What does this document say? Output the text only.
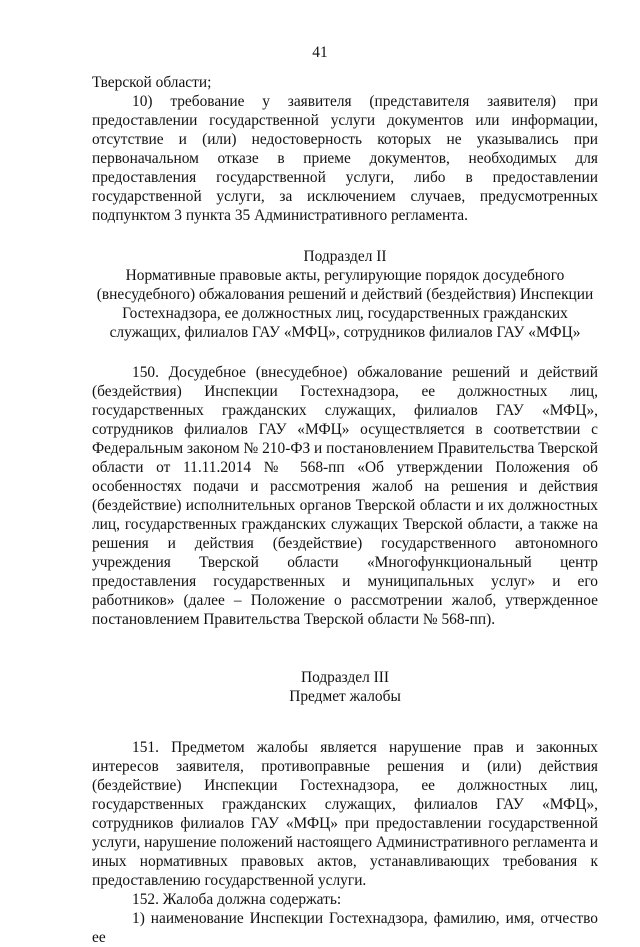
41

Тверской области;

10) требование у заявителя (представителя заявителя) при предоставлении государственной услуги документов или информации, отсутствие и (или) недостоверность которых не указывались при первоначальном отказе в приеме документов, необходимых для предоставления государственной услуги, либо в предоставлении государственной услуги, за исключением случаев, предусмотренных подпунктом 3 пункта 35 Административного регламента.

Подраздел II

Нормативные правовые акты, регулирующие порядок досудебного (внесудебного) обжалования решений и действий (бездействия) Инспекции Гостехнадзора, ее должностных лиц, государственных гражданских служащих, филиалов ГАУ «МФЦ», сотрудников филиалов ГАУ «МФЦ»

150. Досудебное (внесудебное) обжалование решений и действий (бездействия) Инспекции Гостехнадзора, ее должностных лиц, государственных гражданских служащих, филиалов ГАУ «МФЦ», сотрудников филиалов ГАУ «МФЦ» осуществляется в соответствии с Федеральным законом № 210-ФЗ и постановлением Правительства Тверской области от 11.11.2014 № 568-пп «Об утверждении Положения об особенностях подачи и рассмотрения жалоб на решения и действия (бездействие) исполнительных органов Тверской области и их должностных лиц, государственных гражданских служащих Тверской области, а также на решения и действия (бездействие) государственного автономного учреждения Тверской области «Многофункциональный центр предоставления государственных и муниципальных услуг» и его работников» (далее – Положение о рассмотрении жалоб, утвержденное постановлением Правительства Тверской области № 568-пп).

Подраздел III

Предмет жалобы

151. Предметом жалобы является нарушение прав и законных интересов заявителя, противоправные решения и (или) действия (бездействие) Инспекции Гостехнадзора, ее должностных лиц, государственных гражданских служащих, филиалов ГАУ «МФЦ», сотрудников филиалов ГАУ «МФЦ» при предоставлении государственной услуги, нарушение положений настоящего Административного регламента и иных нормативных правовых актов, устанавливающих требования к предоставлению государственной услуги.

152. Жалоба должна содержать:

1) наименование Инспекции Гостехнадзора, фамилию, имя, отчество ее
